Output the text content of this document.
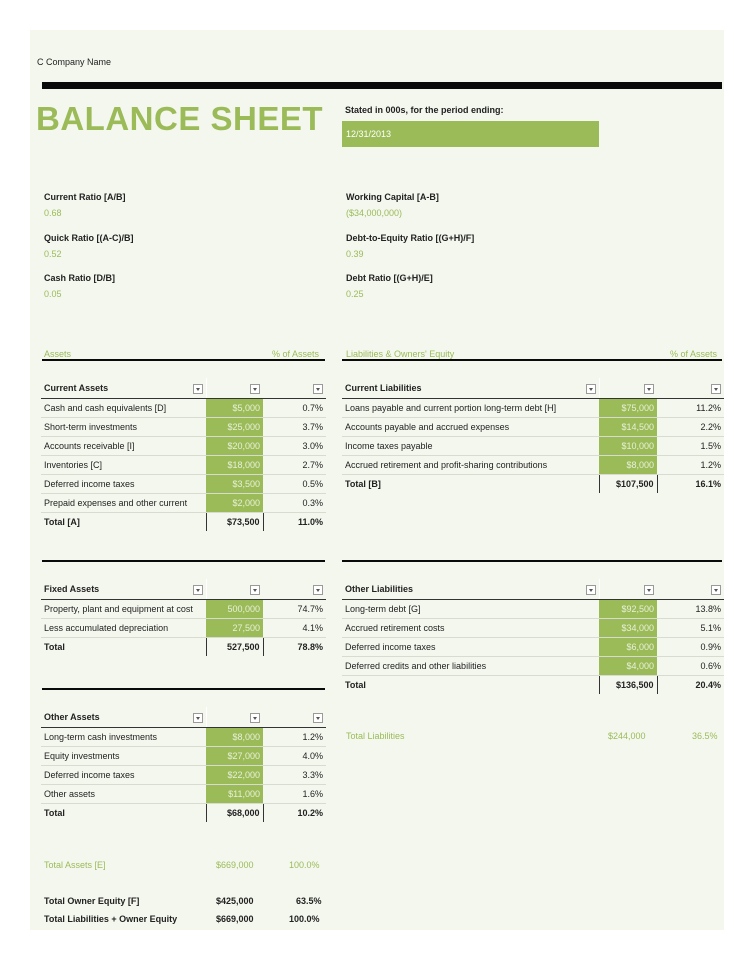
C Company Name
BALANCE SHEET Stated in 000s, for the period ending:
12/31/2013
Current Ratio [A/B]
0.68
Quick Ratio [(A-C)/B]
0.52
Cash Ratio [D/B]
0.05
Working Capital [A-B]
($34,000,000)
Debt-to-Equity Ratio [(G+H)/F]
0.39
Debt Ratio [(G+H)/E]
0.25
Assets	% of Assets	Liabilities & Owners' Equity	% of Assets
Current Assets

Cash and cash equivalents [D]	$5,000	0.7%
Short-term investments	$25,000	3.7%
Accounts receivable [I]	$20,000	3.0%
Inventories [C]	$18,000	2.7%
Deferred income taxes	$3,500	0.5%
Prepaid expenses and other current	$2,000	0.3%
Total [A]	$73,500	11.0%
Current Liabilities

Loans payable and current portion long-term debt [H]	$75,000	11.2%
Accounts payable and accrued expenses	$14,500	2.2%
Income taxes payable	$10,000	1.5%
Accrued retirement and profit-sharing contributions	$8,000	1.2%
Total [B]	$107,500	16.1%
Fixed Assets

Property, plant and equipment at cost	500,000	74.7%
Less accumulated depreciation	27,500	4.1%
Total	527,500	78.8%
Other Liabilities

Long-term debt [G]	$92,500	13.8%
Accrued retirement costs	$34,000	5.1%
Deferred income taxes	$6,000	0.9%
Deferred credits and other liabilities	$4,000	0.6%
Total	$136,500	20.4%
Other Assets

Long-term cash investments	$8,000	1.2%
Equity investments	$27,000	4.0%
Deferred income taxes	$22,000	3.3%
Other assets	$11,000	1.6%
Total	$68,000	10.2%
Total Liabilities	$244,000	36.5%
Total Assets [E]	$669,000	100.0%
Total Owner Equity [F]	$425,000	63.5%
Total Liabilities + Owner Equity	$669,000	100.0%
